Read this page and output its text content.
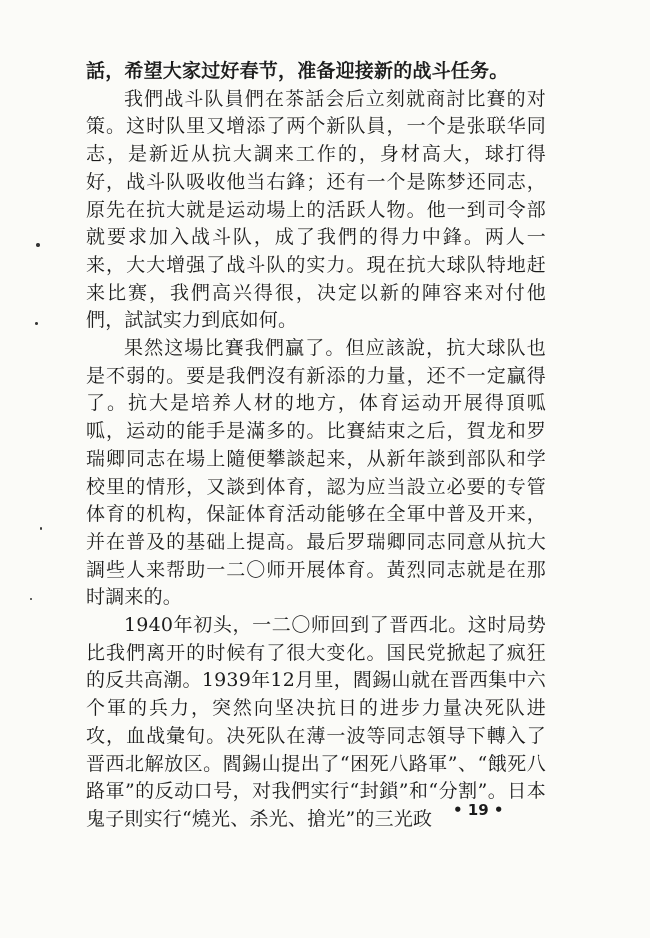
話，希望大家过好春节，准备迎接新的战斗任务。

我們战斗队員們在茶話会后立刻就商討比賽的对策。这时队里又增添了两个新队員，一个是张联华同志，是新近从抗大調来工作的，身材高大，球打得好，战斗队吸收他当右鋒；还有一个是陈梦还同志，原先在抗大就是运动場上的活跃人物。他一到司令部就要求加入战斗队，成了我們的得力中鋒。两人一来，大大增强了战斗队的实力。現在抗大球队特地赶来比赛，我們高兴得很，决定以新的陣容来对付他們，試試实力到底如何。

果然这場比賽我們贏了。但应該說，抗大球队也是不弱的。要是我們沒有新添的力量，还不一定贏得了。抗大是培养人材的地方，体育运动开展得頂呱呱，运动的能手是滿多的。比賽結束之后，賀龙和罗瑞卿同志在場上隨便攀談起来，从新年談到部队和学校里的情形，又談到体育，認为应当設立必要的专管体育的机构，保証体育活动能够在全軍中普及开来，并在普及的基础上提高。最后罗瑞卿同志同意从抗大調些人来帮助一二〇师开展体育。黃烈同志就是在那时調来的。

1940年初头，一二〇师回到了晋西北。这时局势比我們离开的时候有了很大变化。国民党掀起了疯狂的反共高潮。1939年12月里，閻錫山就在晋西集中六个軍的兵力，突然向坚决抗日的进步力量决死队进攻，血战彙旬。决死队在薄一波等同志領导下轉入了晋西北解放区。閻錫山提出了“困死八路軍”、“餓死八路軍”的反动口号，对我們实行“封鎖”和“分割”。日本鬼子則实行“燒光、杀光、搶光”的三光政	• 19 •
